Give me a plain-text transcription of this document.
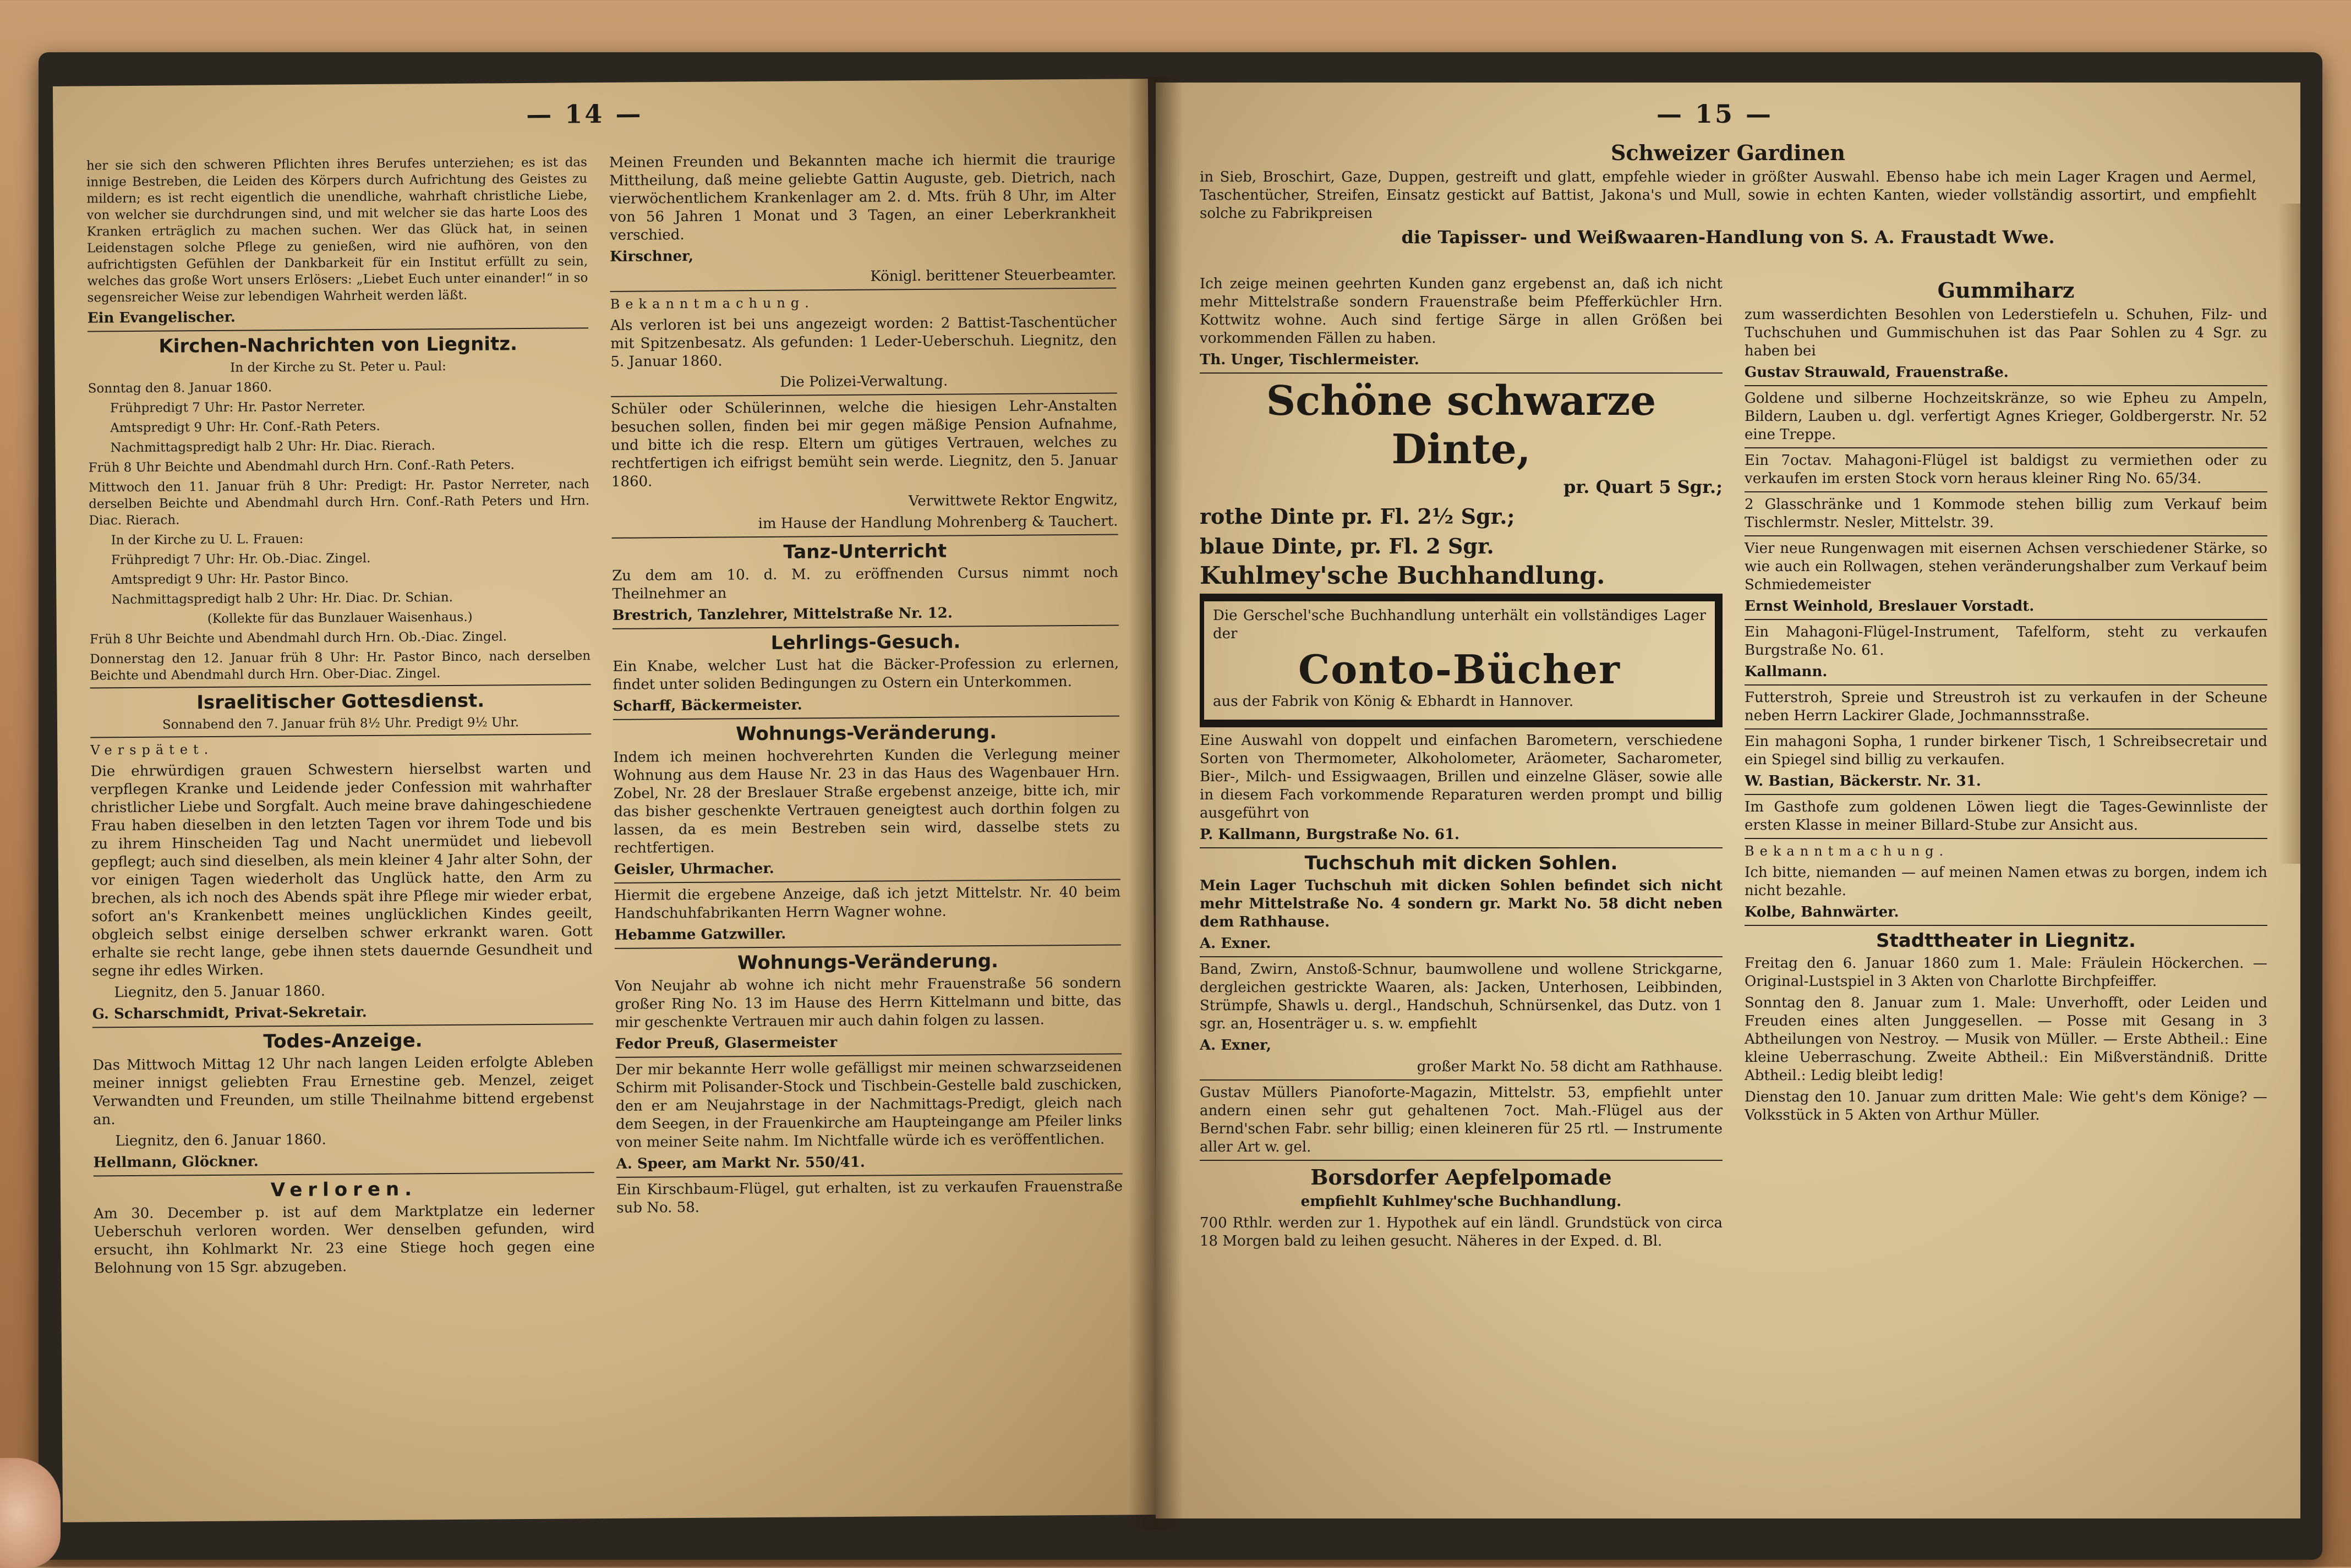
— 14 —

her sie sich den schweren Pflichten ihres Berufes unterziehen; es ist das innige Bestreben, die Leiden des Körpers durch Aufrichtung des Geistes zu mildern; es ist recht eigentlich die unendliche, wahrhaft christliche Liebe, von welcher sie durchdrungen sind, und mit welcher sie das harte Loos des Kranken erträglich zu machen suchen. Wer das Glück hat, in seinen Leidenstagen solche Pflege zu genießen, wird nie aufhören, von den aufrichtigsten Gefühlen der Dankbarkeit für ein Institut erfüllt zu sein, welches das große Wort unsers Erlösers: „Liebet Euch unter einander!“ in so segensreicher Weise zur lebendigen Wahrheit werden läßt.

Ein Evangelischer.

Kirchen-Nachrichten von Liegnitz.

In der Kirche zu St. Peter u. Paul:

Sonntag den 8. Januar 1860.

Frühpredigt 7 Uhr: Hr. Pastor Nerreter.

Amtspredigt 9 Uhr: Hr. Conf.-Rath Peters.

Nachmittagspredigt halb 2 Uhr: Hr. Diac. Rierach.

Früh 8 Uhr Beichte und Abendmahl durch Hrn. Conf.-Rath Peters.

Mittwoch den 11. Januar früh 8 Uhr: Predigt: Hr. Pastor Nerreter, nach derselben Beichte und Abendmahl durch Hrn. Conf.-Rath Peters und Hrn. Diac. Rierach.

In der Kirche zu U. L. Frauen:

Frühpredigt 7 Uhr: Hr. Ob.-Diac. Zingel.

Amtspredigt 9 Uhr: Hr. Pastor Binco.

Nachmittagspredigt halb 2 Uhr: Hr. Diac. Dr. Schian.

(Kollekte für das Bunzlauer Waisenhaus.)

Früh 8 Uhr Beichte und Abendmahl durch Hrn. Ob.-Diac. Zingel.

Donnerstag den 12. Januar früh 8 Uhr: Hr. Pastor Binco, nach derselben Beichte und Abendmahl durch Hrn. Ober-Diac. Zingel.

Israelitischer Gottesdienst.

Sonnabend den 7. Januar früh 8½ Uhr. Predigt 9½ Uhr.

Verspätet.

Die ehrwürdigen grauen Schwestern hierselbst warten und verpflegen Kranke und Leidende jeder Confession mit wahrhafter christlicher Liebe und Sorgfalt. Auch meine brave dahingeschiedene Frau haben dieselben in den letzten Tagen vor ihrem Tode und bis zu ihrem Hinscheiden Tag und Nacht unermüdet und liebevoll gepflegt; auch sind dieselben, als mein kleiner 4 Jahr alter Sohn, der vor einigen Tagen wiederholt das Unglück hatte, den Arm zu brechen, als ich noch des Abends spät ihre Pflege mir wieder erbat, sofort an's Krankenbett meines unglücklichen Kindes geeilt, obgleich selbst einige derselben schwer erkrankt waren. Gott erhalte sie recht lange, gebe ihnen stets dauernde Gesundheit und segne ihr edles Wirken.

Liegnitz, den 5. Januar 1860.

G. Scharschmidt, Privat-Sekretair.

Todes-Anzeige.

Das Mittwoch Mittag 12 Uhr nach langen Leiden erfolgte Ableben meiner innigst geliebten Frau Ernestine geb. Menzel, zeiget Verwandten und Freunden, um stille Theilnahme bittend ergebenst an.

Liegnitz, den 6. Januar 1860.

Hellmann, Glöckner.

Verloren.

Am 30. December p. ist auf dem Marktplatze ein lederner Ueberschuh verloren worden. Wer denselben gefunden, wird ersucht, ihn Kohlmarkt Nr. 23 eine Stiege hoch gegen eine Belohnung von 15 Sgr. abzugeben.

Meinen Freunden und Bekannten mache ich hiermit die traurige Mittheilung, daß meine geliebte Gattin Auguste, geb. Dietrich, nach vierwöchentlichem Krankenlager am 2. d. Mts. früh 8 Uhr, im Alter von 56 Jahren 1 Monat und 3 Tagen, an einer Leberkrankheit verschied.

Kirschner,

Königl. berittener Steuerbeamter.

Bekanntmachung.

Als verloren ist bei uns angezeigt worden: 2 Battist-Taschentücher mit Spitzenbesatz. Als gefunden: 1 Leder-Ueberschuh. Liegnitz, den 5. Januar 1860.

Die Polizei-Verwaltung.

Schüler oder Schülerinnen, welche die hiesigen Lehr-Anstalten besuchen sollen, finden bei mir gegen mäßige Pension Aufnahme, und bitte ich die resp. Eltern um gütiges Vertrauen, welches zu rechtfertigen ich eifrigst bemüht sein werde. Liegnitz, den 5. Januar 1860.

Verwittwete Rektor Engwitz,

im Hause der Handlung Mohrenberg & Tauchert.

Tanz-Unterricht

Zu dem am 10. d. M. zu eröffnenden Cursus nimmt noch Theilnehmer an

Brestrich, Tanzlehrer, Mittelstraße Nr. 12.

Lehrlings-Gesuch.

Ein Knabe, welcher Lust hat die Bäcker-Profession zu erlernen, findet unter soliden Bedingungen zu Ostern ein Unterkommen.

Scharff, Bäckermeister.

Wohnungs-Veränderung.

Indem ich meinen hochverehrten Kunden die Verlegung meiner Wohnung aus dem Hause Nr. 23 in das Haus des Wagenbauer Hrn. Zobel, Nr. 28 der Breslauer Straße ergebenst anzeige, bitte ich, mir das bisher geschenkte Vertrauen geneigtest auch dorthin folgen zu lassen, da es mein Bestreben sein wird, dasselbe stets zu rechtfertigen.

Geisler, Uhrmacher.

Hiermit die ergebene Anzeige, daß ich jetzt Mittelstr. Nr. 40 beim Handschuhfabrikanten Herrn Wagner wohne.

Hebamme Gatzwiller.

Wohnungs-Veränderung.

Von Neujahr ab wohne ich nicht mehr Frauenstraße 56 sondern großer Ring No. 13 im Hause des Herrn Kittelmann und bitte, das mir geschenkte Vertrauen mir auch dahin folgen zu lassen.

Fedor Preuß, Glasermeister

Der mir bekannte Herr wolle gefälligst mir meinen schwarzseidenen Schirm mit Polisander-Stock und Tischbein-Gestelle bald zuschicken, den er am Neujahrstage in der Nachmittags-Predigt, gleich nach dem Seegen, in der Frauenkirche am Haupteingange am Pfeiler links von meiner Seite nahm. Im Nichtfalle würde ich es veröffentlichen.

A. Speer, am Markt Nr. 550/41.

Ein Kirschbaum-Flügel, gut erhalten, ist zu verkaufen Frauenstraße sub No. 58.

— 15 —
Schweizer Gardinen

in Sieb, Broschirt, Gaze, Duppen, gestreift und glatt, empfehle wieder in größter Auswahl. Ebenso habe ich mein Lager Kragen und Aermel, Taschentücher, Streifen, Einsatz gestickt auf Battist, Jakona's und Mull, sowie in echten Kanten, wieder vollständig assortirt, und empfiehlt solche zu Fabrikpreisen

die Tapisser- und Weißwaaren-Handlung von S. A. Fraustadt Wwe.

Ich zeige meinen geehrten Kunden ganz ergebenst an, daß ich nicht mehr Mittelstraße sondern Frauenstraße beim Pfefferküchler Hrn. Kottwitz wohne. Auch sind fertige Särge in allen Größen bei vorkommenden Fällen zu haben.

Th. Unger, Tischlermeister.

Schöne schwarze Dinte,

pr. Quart 5 Sgr.;

rothe Dinte pr. Fl. 2½ Sgr.;

blaue Dinte, pr. Fl. 2 Sgr.

Kuhlmey'sche Buchhandlung.

Die Gerschel'sche Buchhandlung unterhält ein vollständiges Lager der

Conto-Bücher

aus der Fabrik von König & Ebhardt in Hannover.

Eine Auswahl von doppelt und einfachen Barometern, verschiedene Sorten von Thermometer, Alkoholometer, Aräometer, Sacharometer, Bier-, Milch- und Essigwaagen, Brillen und einzelne Gläser, sowie alle in diesem Fach vorkommende Reparaturen werden prompt und billig ausgeführt von

P. Kallmann, Burgstraße No. 61.

Tuchschuh mit dicken Sohlen.

Mein Lager Tuchschuh mit dicken Sohlen befindet sich nicht mehr Mittelstraße No. 4 sondern gr. Markt No. 58 dicht neben dem Rathhause.

A. Exner.

Band, Zwirn, Anstoß-Schnur, baumwollene und wollene Strickgarne, dergleichen gestrickte Waaren, als: Jacken, Unterhosen, Leibbinden, Strümpfe, Shawls u. dergl., Handschuh, Schnürsenkel, das Dutz. von 1 sgr. an, Hosenträger u. s. w. empfiehlt

A. Exner,

großer Markt No. 58 dicht am Rathhause.

Gustav Müllers Pianoforte-Magazin, Mittelstr. 53, empfiehlt unter andern einen sehr gut gehaltenen 7oct. Mah.-Flügel aus der Bernd'schen Fabr. sehr billig; einen kleineren für 25 rtl. — Instrumente aller Art w. gel.

Borsdorfer Aepfelpomade

empfiehlt Kuhlmey'sche Buchhandlung.

700 Rthlr. werden zur 1. Hypothek auf ein ländl. Grundstück von circa 18 Morgen bald zu leihen gesucht. Näheres in der Exped. d. Bl.

Gummiharz

zum wasserdichten Besohlen von Lederstiefeln u. Schuhen, Filz- und Tuchschuhen und Gummischuhen ist das Paar Sohlen zu 4 Sgr. zu haben bei

Gustav Strauwald, Frauenstraße.

Goldene und silberne Hochzeitskränze, so wie Epheu zu Ampeln, Bildern, Lauben u. dgl. verfertigt Agnes Krieger, Goldbergerstr. Nr. 52 eine Treppe.

Ein 7octav. Mahagoni-Flügel ist baldigst zu vermiethen oder zu verkaufen im ersten Stock vorn heraus kleiner Ring No. 65/34.

2 Glasschränke und 1 Kommode stehen billig zum Verkauf beim Tischlermstr. Nesler, Mittelstr. 39.

Vier neue Rungenwagen mit eisernen Achsen verschiedener Stärke, so wie auch ein Rollwagen, stehen veränderungshalber zum Verkauf beim Schmiedemeister

Ernst Weinhold, Breslauer Vorstadt.

Ein Mahagoni-Flügel-Instrument, Tafelform, steht zu verkaufen Burgstraße No. 61.

Kallmann.

Futterstroh, Spreie und Streustroh ist zu verkaufen in der Scheune neben Herrn Lackirer Glade, Jochmannsstraße.

Ein mahagoni Sopha, 1 runder birkener Tisch, 1 Schreibsecretair und ein Spiegel sind billig zu verkaufen.

W. Bastian, Bäckerstr. Nr. 31.

Im Gasthofe zum goldenen Löwen liegt die Tages-Gewinnliste der ersten Klasse in meiner Billard-Stube zur Ansicht aus.

Bekanntmachung.

Ich bitte, niemanden — auf meinen Namen etwas zu borgen, indem ich nicht bezahle.

Kolbe, Bahnwärter.

Stadttheater in Liegnitz.

Freitag den 6. Januar 1860 zum 1. Male: Fräulein Höckerchen. — Original-Lustspiel in 3 Akten von Charlotte Birchpfeiffer.

Sonntag den 8. Januar zum 1. Male: Unverhofft, oder Leiden und Freuden eines alten Junggesellen. — Posse mit Gesang in 3 Abtheilungen von Nestroy. — Musik von Müller. — Erste Abtheil.: Eine kleine Ueberraschung. Zweite Abtheil.: Ein Mißverständniß. Dritte Abtheil.: Ledig bleibt ledig!

Dienstag den 10. Januar zum dritten Male: Wie geht's dem Könige? — Volksstück in 5 Akten von Arthur Müller.
